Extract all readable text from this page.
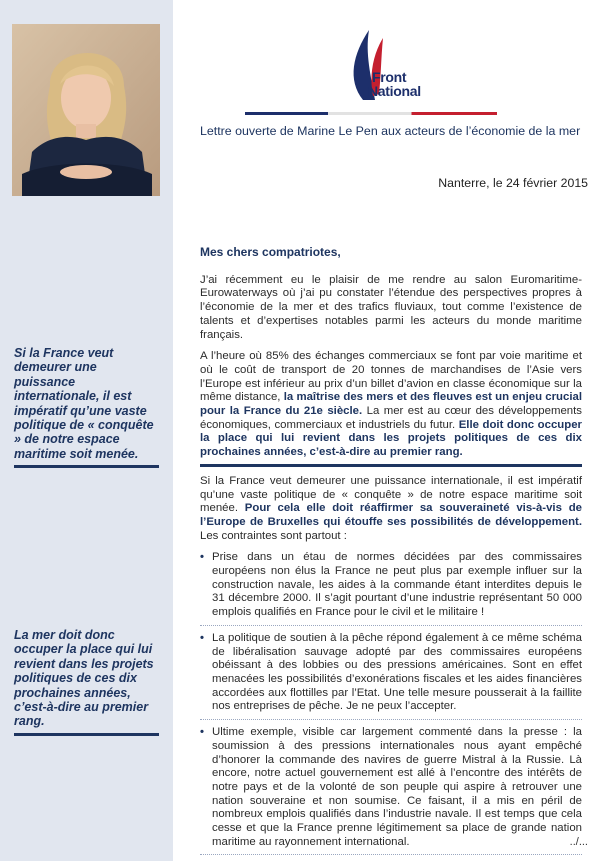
Si la France veut demeurer une puissance internationale, il est impératif qu’une vaste politique de « conquête » de notre espace maritime soit menée.
La mer doit donc occuper la place qui lui revient dans les projets politiques de ces dix prochaines années, c’est-à-dire au premier rang.
Front
National
Lettre ouverte de Marine Le Pen aux acteurs de l’économie de la mer
Nanterre, le 24 février 2015
Mes chers compatriotes,

J’ai récemment eu le plaisir de me rendre au salon Euromaritime-Eurowaterways où j’ai pu constater l’étendue des perspectives propres à l’économie de la mer et des trafics fluviaux, tout comme l’existence de talents et d’expertises notables parmi les acteurs du monde maritime français.

A l’heure où 85% des échanges commerciaux se font par voie maritime et où le coût de transport de 20 tonnes de marchandises de l’Asie vers l’Europe est inférieur au prix d’un billet d’avion en classe économique sur la même distance, la maîtrise des mers et des fleuves est un enjeu crucial pour la France du 21e siècle. La mer est au cœur des développements économiques, commerciaux et industriels du futur. Elle doit donc occuper la place qui lui revient dans les projets politiques de ces dix prochaines années, c’est-à-dire au premier rang.

Si la France veut demeurer une puissance internationale, il est impératif qu’une vaste politique de « conquête » de notre espace maritime soit menée. Pour cela elle doit réaffirmer sa souveraineté vis-à-vis de l’Europe de Bruxelles qui étouffe ses possibilités de développement. Les contraintes sont partout :

• Prise dans un étau de normes décidées par des commissaires européens non élus la France ne peut plus par exemple influer sur la construction navale, les aides à la commande étant interdites depuis le 31 décembre 2000. Il s’agit pourtant d’une industrie représentant 50 000 emplois qualifiés en France pour le civil et le militaire !
• La politique de soutien à la pêche répond également à ce même schéma de libéralisation sauvage adopté par des commissaires européens obéissant à des lobbies ou des pressions américaines. Sont en effet menacées les possibilités d’exonérations fiscales et les aides financières accordées aux flottilles par l’Etat. Une telle mesure pousserait à la faillite nos entreprises de pêche. Je ne peux l’accepter.
• Ultime exemple, visible car largement commenté dans la presse : la soumission à des pressions internationales nous ayant empêché d’honorer la commande des navires de guerre Mistral à la Russie. Là encore, notre actuel gouvernement est allé à l’encontre des intérêts de notre pays et de la volonté de son peuple qui aspire à retrouver une nation souveraine et non soumise. Ce faisant, il a mis en péril de nombreux emplois qualifiés dans l’industrie navale. Il est temps que cela cesse et que la France prenne légitimement sa place de grande nation maritime au rayonnement international.	../...
